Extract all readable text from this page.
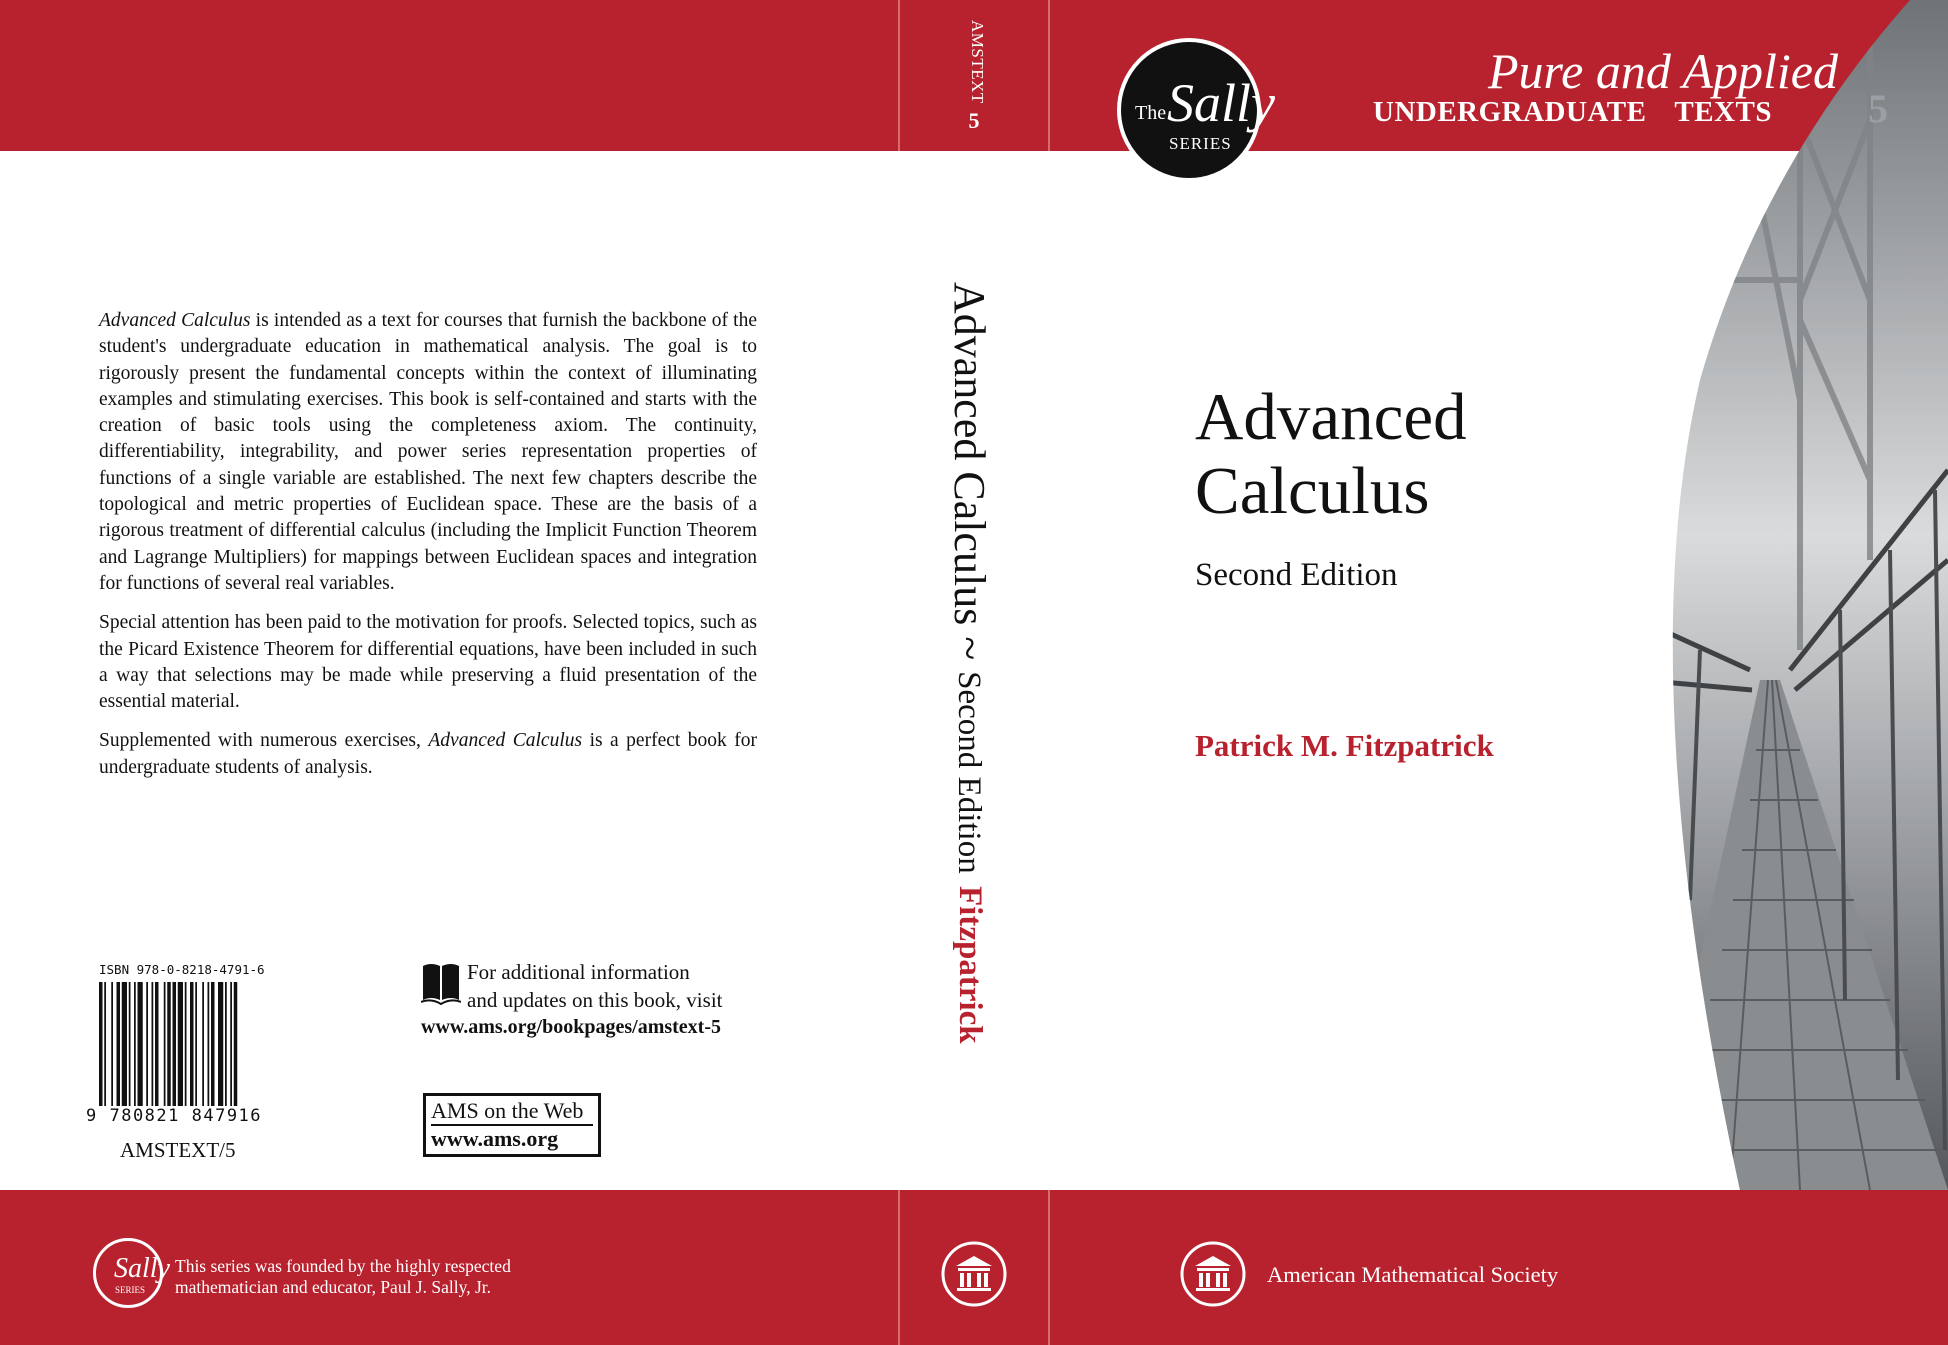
The Sally
SERIES
AMSTEXT
5
Advanced Calculus ~ Second Edition
Fitzpatrick
Pure and Applied
UNDERGRADUATE TEXTS 5
Advanced
Calculus
Second Edition
Patrick M. Fitzpatrick

Advanced Calculus is intended as a text for courses that furnish the backbone of the student's undergraduate education in mathematical analysis. The goal is to rigorously present the fundamental concepts within the context of illuminating examples and stimulating exercises. This book is self-contained and starts with the creation of basic tools using the completeness axiom. The continuity, differentiability, integrability, and power series representation properties of functions of a single variable are established. The next few chapters describe the topological and metric properties of Euclidean space. These are the basis of a rigorous treatment of differential calculus (including the Implicit Function Theorem and Lagrange Multipliers) for mappings between Euclidean spaces and integration for functions of several real variables.

Special attention has been paid to the motivation for proofs. Selected topics, such as the Picard Existence Theorem for differential equations, have been included in such a way that selections may be made while preserving a fluid presentation of the essential material.

Supplemented with numerous exercises, Advanced Calculus is a perfect book for undergraduate students of analysis.

ISBN 978-0-8218-4791-6
9 780821 847916
AMSTEXT/5
For additional information
and updates on this book, visit
www.ams.org/bookpages/amstext-5
AMS on the Web
www.ams.org
Sally
SERIES
This series was founded by the highly respected
mathematician and educator, Paul J. Sally, Jr.	American Mathematical Society
